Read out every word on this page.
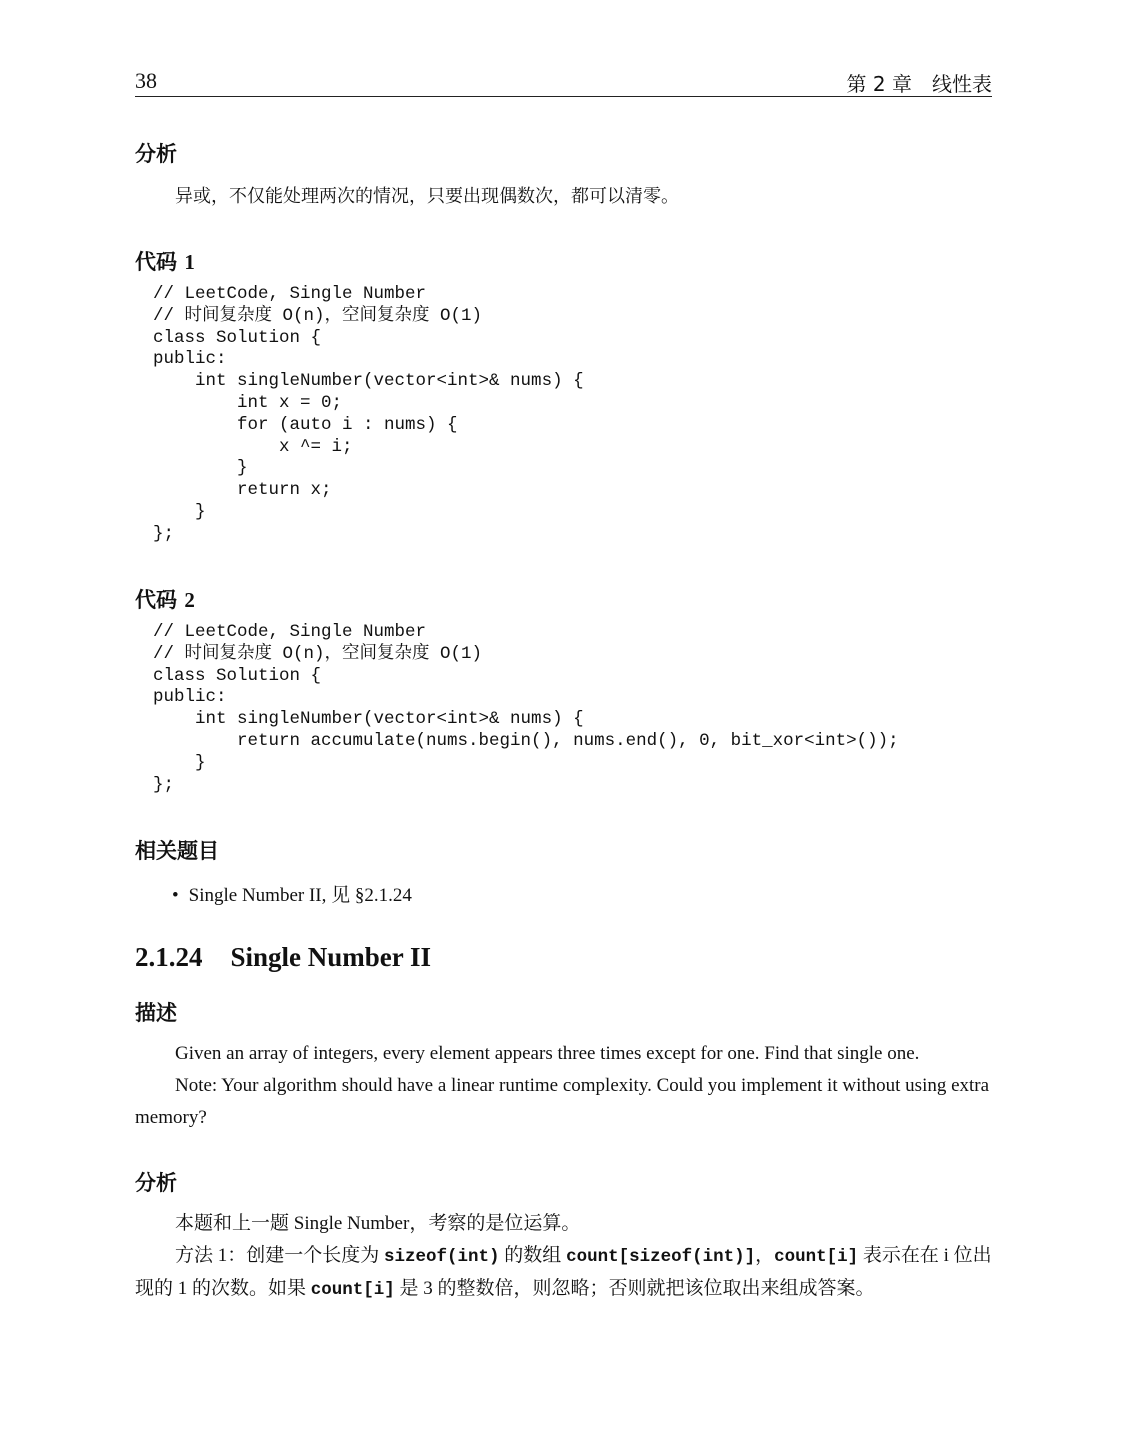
38	第 2 章　线性表
分析
异或，不仅能处理两次的情况，只要出现偶数次，都可以清零。
代码 1
// LeetCode, Single Number
// 时间复杂度 O(n)，空间复杂度 O(1)
class Solution {
public:
int singleNumber(vector<int>& nums) {
int x = 0;
for (auto i : nums) {
x ^= i;
}
return x;
}
};
代码 2
// LeetCode, Single Number
// 时间复杂度 O(n)，空间复杂度 O(1)
class Solution {
public:
int singleNumber(vector<int>& nums) {
return accumulate(nums.begin(), nums.end(), 0, bit_xor<int>());
}
};
相关题目
• Single Number II, 见 §2.1.24
2.1.24 Single Number II
描述
Given an array of integers, every element appears three times except for one. Find that single one.
Note: Your algorithm should have a linear runtime complexity. Could you implement it without using extra memory?
分析
本题和上一题 Single Number，考察的是位运算。
方法 1：创建一个长度为 sizeof(int) 的数组 count[sizeof(int)]，count[i] 表示在在 i 位出现的 1 的次数。如果 count[i] 是 3 的整数倍，则忽略；否则就把该位取出来组成答案。
